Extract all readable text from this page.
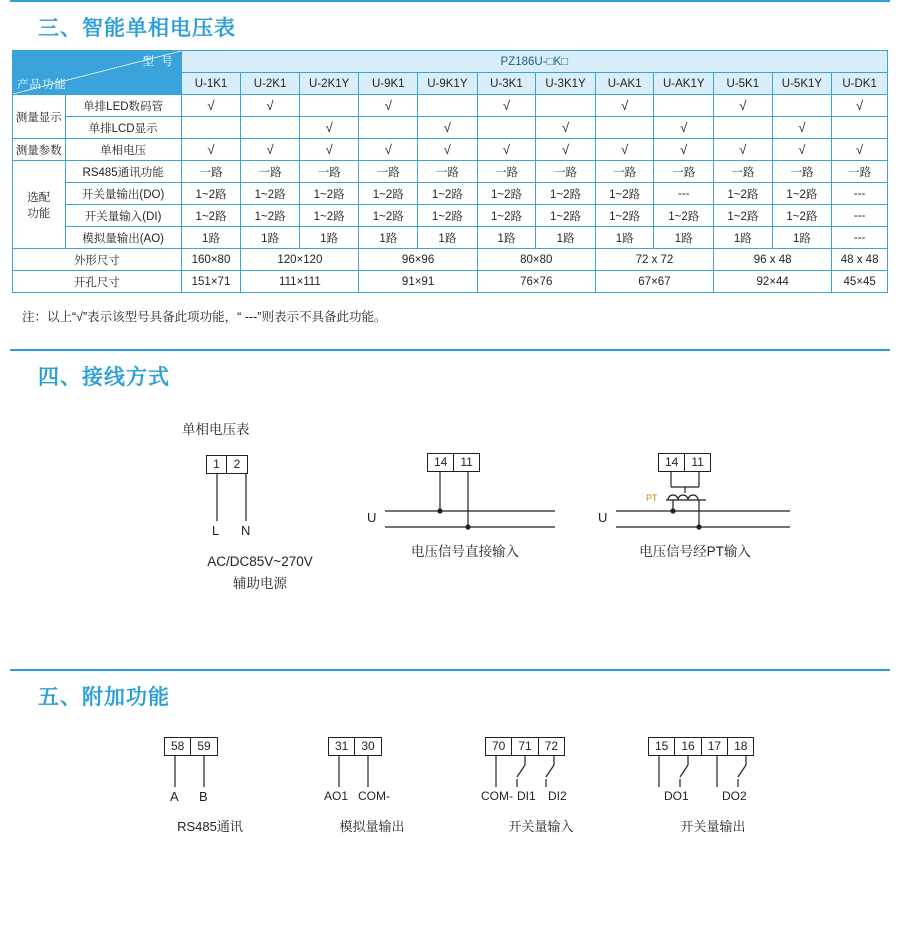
三、智能单相电压表
型 号
产品功能		PZ186U-□K□											
		U-1K1	U-2K1	U-2K1Y	U-9K1	U-9K1Y	U-3K1	U-3K1Y	U-AK1	U-AK1Y	U-5K1	U-5K1Y	U-DK1
测量显示	单排LED数码管	√	√		√		√		√		√		√
	单排LCD显示			√		√		√		√		√	
测量参数	单相电压	√	√	√	√	√	√	√	√	√	√	√	√
选配
功能	RS485通讯功能	一路	一路	一路	一路	一路	一路	一路	一路	一路	一路	一路	一路
	开关量输出(DO)	1~2路	1~2路	1~2路	1~2路	1~2路	1~2路	1~2路	1~2路	---	1~2路	1~2路	---
	开关量输入(DI)	1~2路	1~2路	1~2路	1~2路	1~2路	1~2路	1~2路	1~2路	1~2路	1~2路	1~2路	---
	模拟量输出(AO)	1路	1路	1路	1路	1路	1路	1路	1路	1路	1路	1路	---
外形尺寸		160×80	120×120		96×96		80×80		72 x 72		96 x 48		48 x 48
开孔尺寸		151×71	111×111		91×91		76×76		67×67		92×44		45×45
注：以上“√”表示该型号具备此项功能，“ ---”则表示不具备此功能。
四、接线方式
单相电压表
1	2
L N
AC/DC85V~270V
辅助电源
14	11
U
电压信号直接输入
14	11
U
PT
电压信号经PT输入
五、附加功能
58	59
A B
RS485通讯
31	30
AO1 COM-
模拟量输出
70	71	72
COM- DI1 DI2
开关量输入
15	16	17	18
DO1	DO2
开关量输出
